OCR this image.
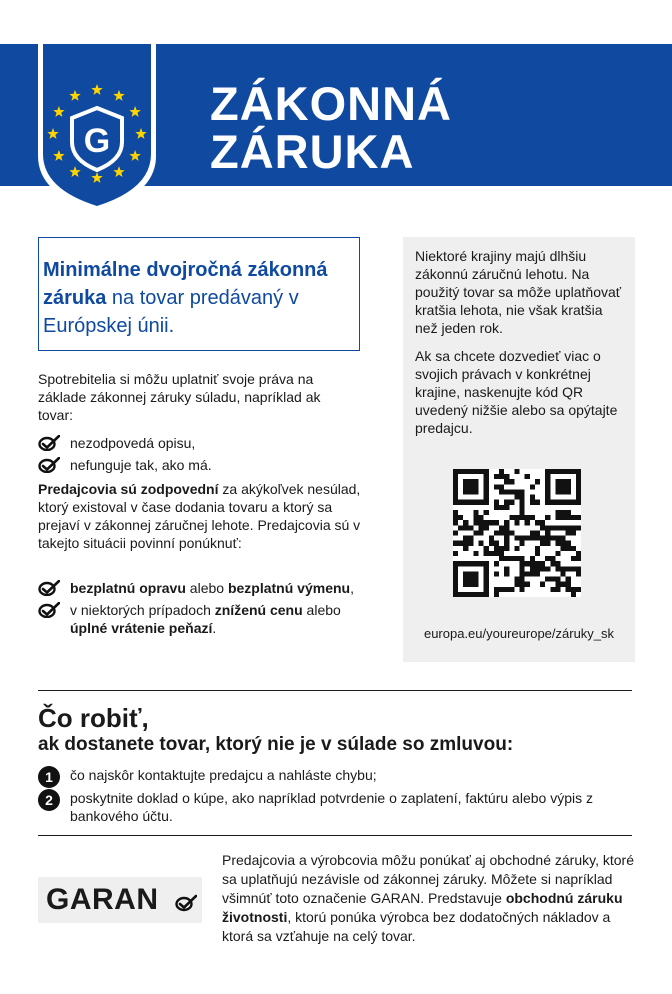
G
ZÁKONNÁ
ZÁRUKA
Minimálne dvojročná zákonná záruka na tovar predávaný v Európskej únii.
Spotrebitelia si môžu uplatniť svoje práva na základe zákonnej záruky súladu, napríklad ak tovar:
nezodpovedá opisu,
nefunguje tak, ako má.
Predajcovia sú zodpovední za akýkoľvek nesúlad, ktorý existoval v čase dodania tovaru a ktorý sa prejaví v zákonnej záručnej lehote. Predajcovia sú v takejto situácii povinní ponúknuť:
bezplatnú opravu alebo bezplatnú výmenu,
v niektorých prípadoch zníženú cenu alebo úplné vrátenie peňazí.

Niektoré krajiny majú dlhšiu zákonnú záručnú lehotu. Na použitý tovar sa môže uplatňovať kratšia lehota, nie však kratšia než jeden rok.

Ak sa chcete dozvedieť viac o svojich právach v konkrétnej krajine, naskenujte kód QR uvedený nižšie alebo sa opýtajte predajcu.

europa.eu/youreurope/záruky_sk
Čo robiť,
ak dostanete tovar, ktorý nie je v súlade so zmluvou:
1	čo najskôr kontaktujte predajcu a nahláste chybu;
2	poskytnite doklad o kúpe, ako napríklad potvrdenie o zaplatení, faktúru alebo výpis z bankového účtu.
GARAN
Predajcovia a výrobcovia môžu ponúkať aj obchodné záruky, ktoré sa uplatňujú nezávisle od zákonnej záruky. Môžete si napríklad všimnúť toto označenie GARAN. Predstavuje obchodnú záruku životnosti, ktorú ponúka výrobca bez dodatočných nákladov a ktorá sa vzťahuje na celý tovar.
